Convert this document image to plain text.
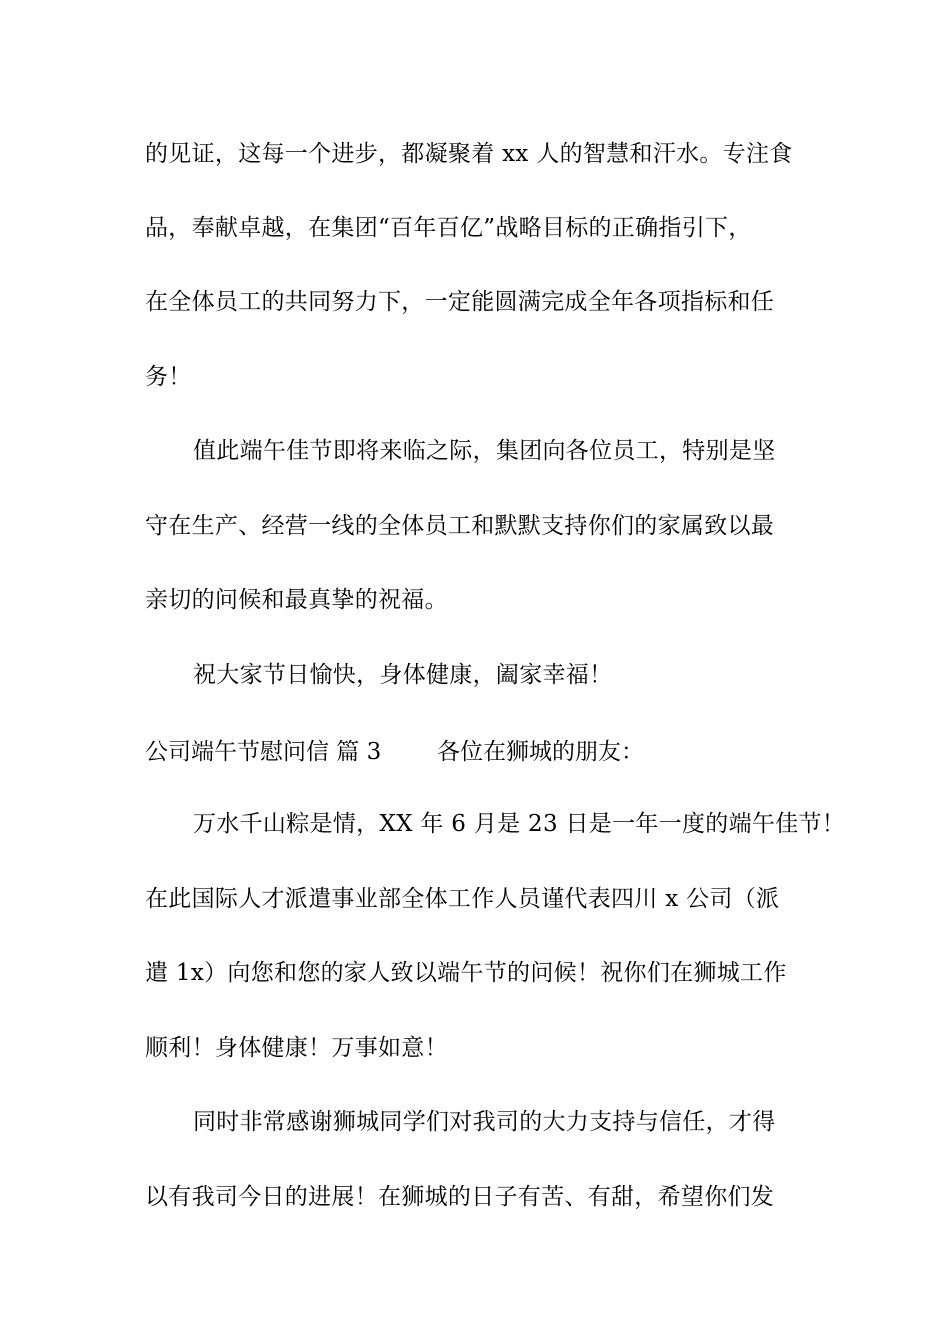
的见证，这每一个进步，都凝聚着 xx 人的智慧和汗水。专注食

品，奉献卓越，在集团“百年百亿”战略目标的正确指引下，

在全体员工的共同努力下，一定能圆满完成全年各项指标和任

务！

值此端午佳节即将来临之际，集团向各位员工，特别是坚

守在生产、经营一线的全体员工和默默支持你们的家属致以最

亲切的问候和最真挚的祝福。

祝大家节日愉快，身体健康，阖家幸福！

公司端午节慰问信 篇 3 各位在狮城的朋友：

万水千山粽是情，XX 年 6 月是 23 日是一年一度的端午佳节！

在此国际人才派遣事业部全体工作人员谨代表四川 x 公司（派

遣 1x）向您和您的家人致以端午节的问候！祝你们在狮城工作

顺利！身体健康！万事如意！

同时非常感谢狮城同学们对我司的大力支持与信任，才得

以有我司今日的进展！在狮城的日子有苦、有甜，希望你们发
